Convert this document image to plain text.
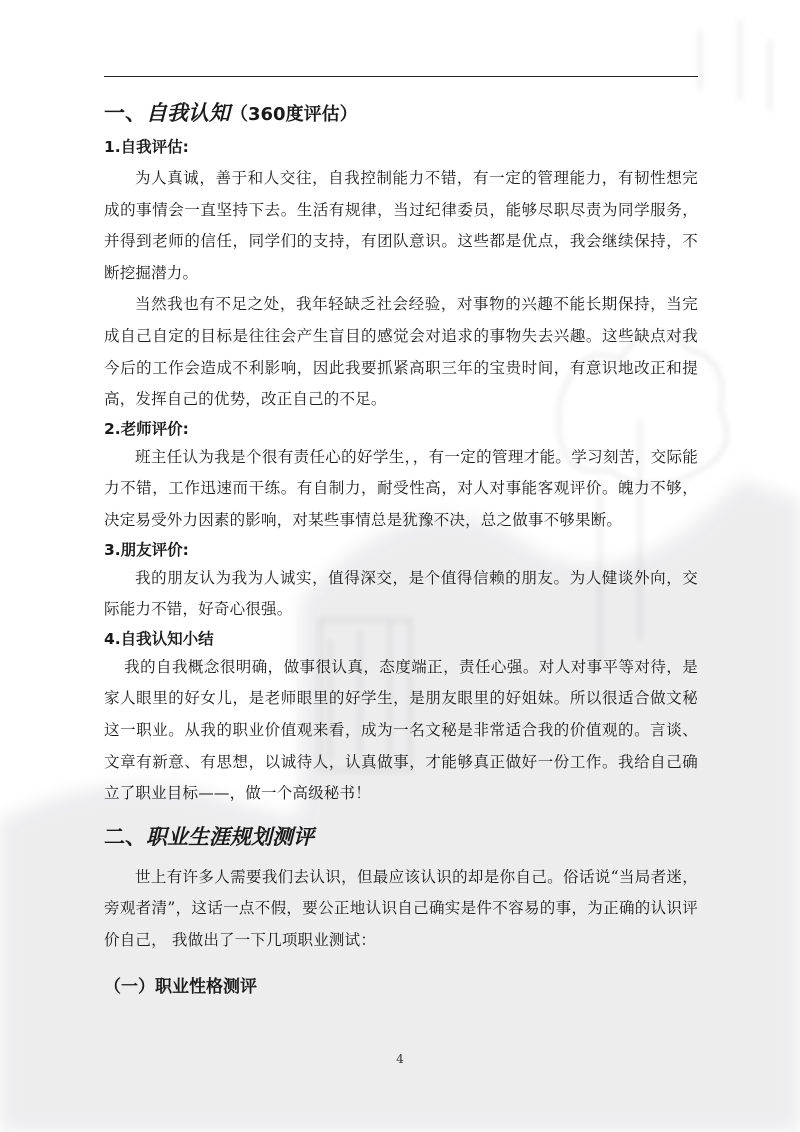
一、自我认知（360度评估）
1.自我评估:

为人真诚，善于和人交往，自我控制能力不错，有一定的管理能力，有韧性想完成的事情会一直坚持下去。生活有规律，当过纪律委员，能够尽职尽责为同学服务，并得到老师的信任，同学们的支持，有团队意识。这些都是优点，我会继续保持，不断挖掘潜力。

当然我也有不足之处，我年轻缺乏社会经验，对事物的兴趣不能长期保持，当完成自己自定的目标是往往会产生盲目的感觉会对追求的事物失去兴趣。这些缺点对我今后的工作会造成不利影响，因此我要抓紧高职三年的宝贵时间，有意识地改正和提高，发挥自己的优势，改正自己的不足。

2.老师评价:

班主任认为我是个很有责任心的好学生，，有一定的管理才能。学习刻苦，交际能力不错，工作迅速而干练。有自制力，耐受性高，对人对事能客观评价。魄力不够，决定易受外力因素的影响，对某些事情总是犹豫不决，总之做事不够果断。

3.朋友评价:

我的朋友认为我为人诚实，值得深交，是个值得信赖的朋友。为人健谈外向，交际能力不错，好奇心很强。

4.自我认知小结

我的自我概念很明确，做事很认真，态度端正，责任心强。对人对事平等对待，是家人眼里的好女儿，是老师眼里的好学生，是朋友眼里的好姐妹。所以很适合做文秘这一职业。从我的职业价值观来看，成为一名文秘是非常适合我的价值观的。言谈、文章有新意、有思想，以诚待人，认真做事，才能够真正做好一份工作。我给自己确立了职业目标——，做一个高级秘书！

二、职业生涯规划测评

世上有许多人需要我们去认识，但最应该认识的却是你自己。俗话说“当局者迷，旁观者清”，这话一点不假，要公正地认识自己确实是件不容易的事，为正确的认识评价自己， 我做出了一下几项职业测试：

（一）职业性格测评
4
